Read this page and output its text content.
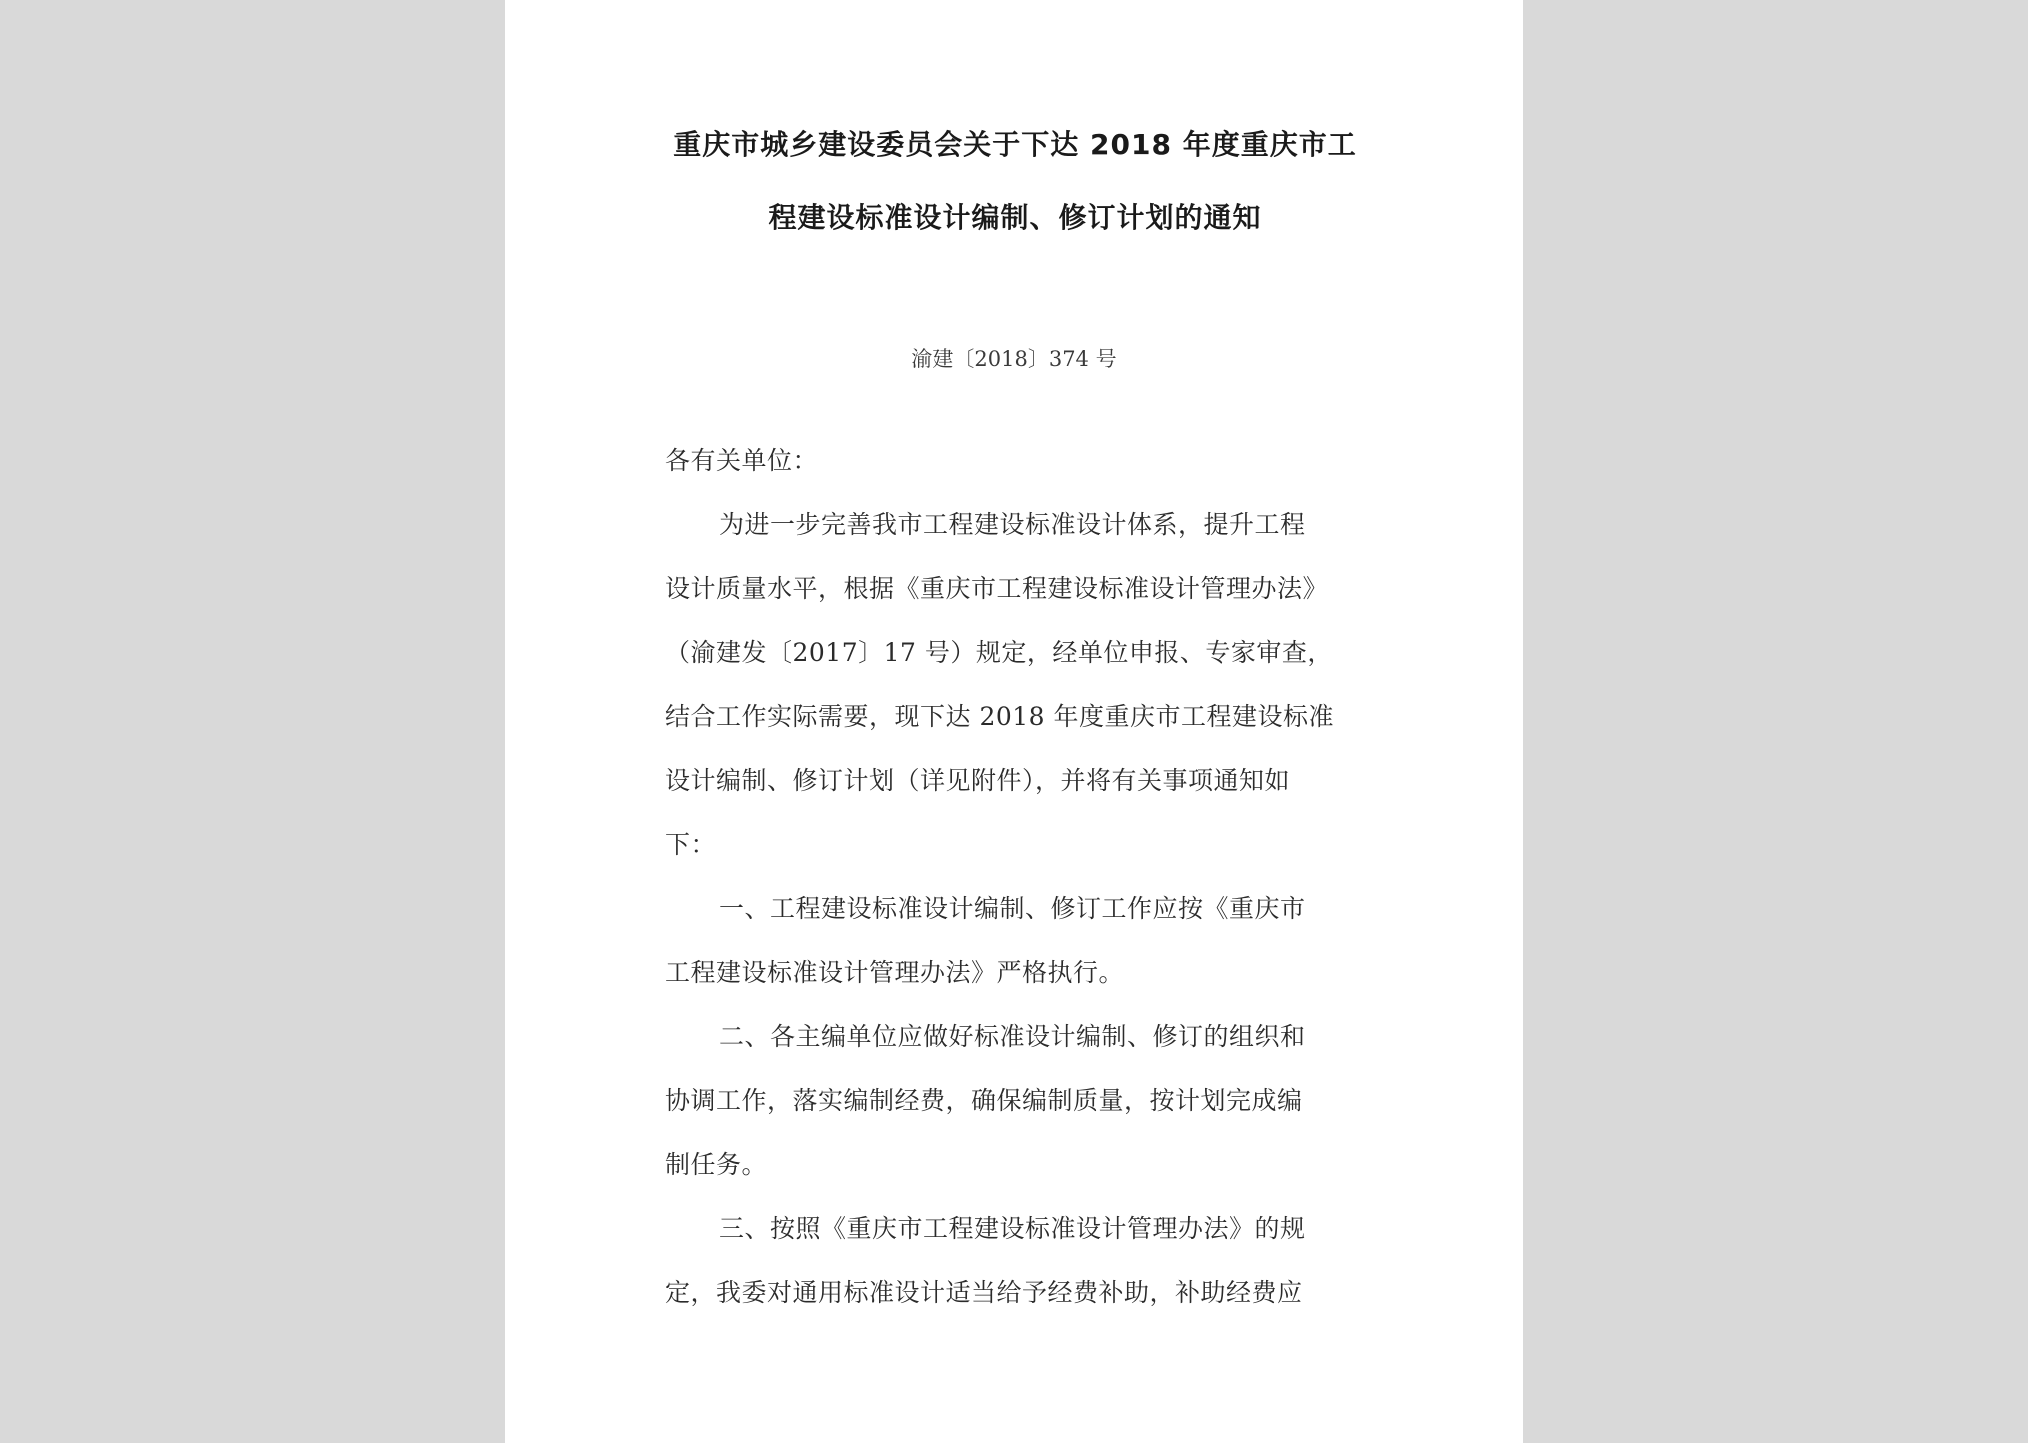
重庆市城乡建设委员会关于下达 2018 年度重庆市工
程建设标准设计编制、修订计划的通知
渝建〔2018〕374 号
各有关单位：
为进一步完善我市工程建设标准设计体系，提升工程
设计质量水平，根据《重庆市工程建设标准设计管理办法》
（渝建发〔2017〕17 号）规定，经单位申报、专家审查，
结合工作实际需要，现下达 2018 年度重庆市工程建设标准
设计编制、修订计划（详见附件），并将有关事项通知如
下：
一、工程建设标准设计编制、修订工作应按《重庆市
工程建设标准设计管理办法》严格执行。
二、各主编单位应做好标准设计编制、修订的组织和
协调工作，落实编制经费，确保编制质量，按计划完成编
制任务。
三、按照《重庆市工程建设标准设计管理办法》的规
定，我委对通用标准设计适当给予经费补助，补助经费应
